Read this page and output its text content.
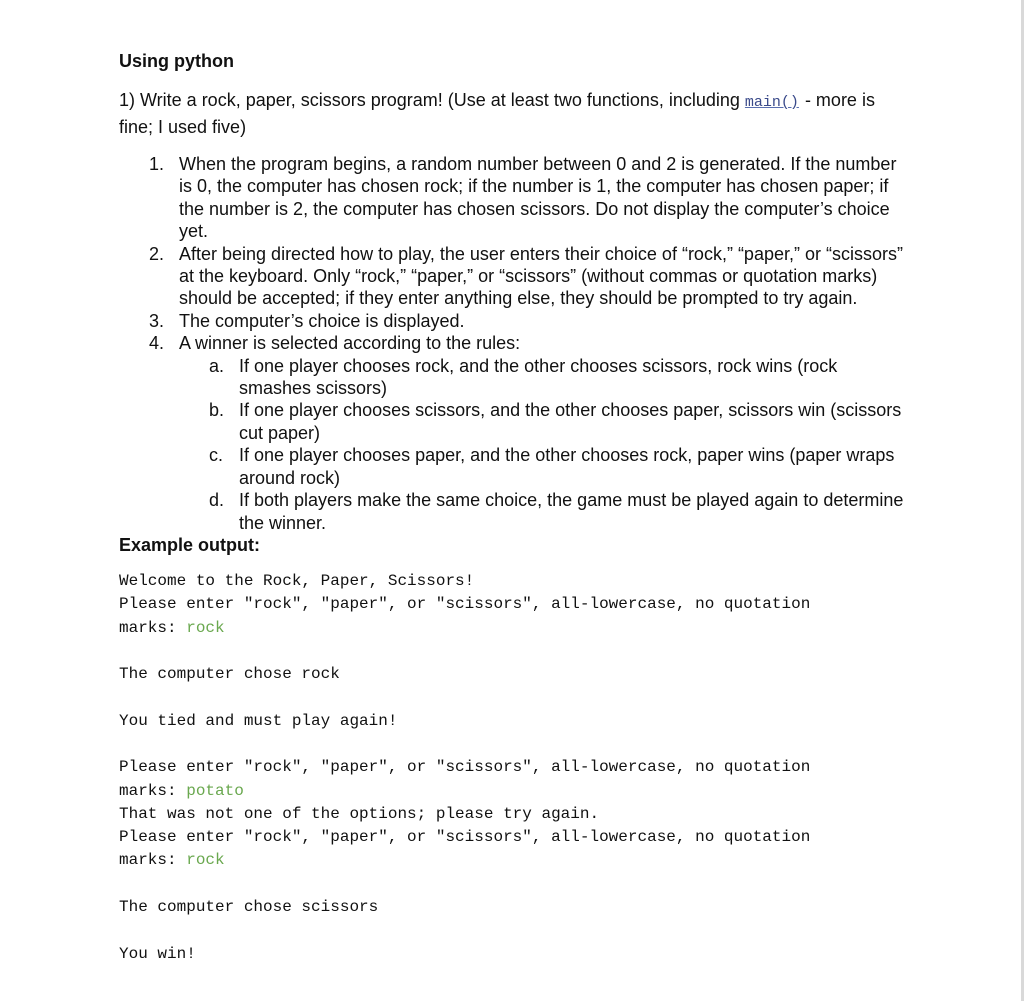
Using python

1) Write a rock, paper, scissors program! (Use at least two functions, including main() - more is fine; I used five)

1. When the program begins, a random number between 0 and 2 is generated. If the number is 0, the computer has chosen rock; if the number is 1, the computer has chosen paper; if the number is 2, the computer has chosen scissors. Do not display the computer’s choice yet.
2. After being directed how to play, the user enters their choice of “rock,” “paper,” or “scissors” at the keyboard. Only “rock,” “paper,” or “scissors” (without commas or quotation marks) should be accepted; if they enter anything else, they should be prompted to try again.
3. The computer’s choice is displayed.
4. A winner is selected according to the rules:
a. If one player chooses rock, and the other chooses scissors, rock wins (rock smashes scissors)
b. If one player chooses scissors, and the other chooses paper, scissors win (scissors cut paper)
c. If one player chooses paper, and the other chooses rock, paper wins (paper wraps around rock)
d. If both players make the same choice, the game must be played again to determine the winner.

Example output:

Welcome to the Rock, Paper, Scissors!
Please enter "rock", "paper", or "scissors", all-lowercase, no quotation
marks: rock
The computer chose rock
You tied and must play again!
Please enter "rock", "paper", or "scissors", all-lowercase, no quotation
marks: potato
That was not one of the options; please try again.
Please enter "rock", "paper", or "scissors", all-lowercase, no quotation
marks: rock
The computer chose scissors
You win!
